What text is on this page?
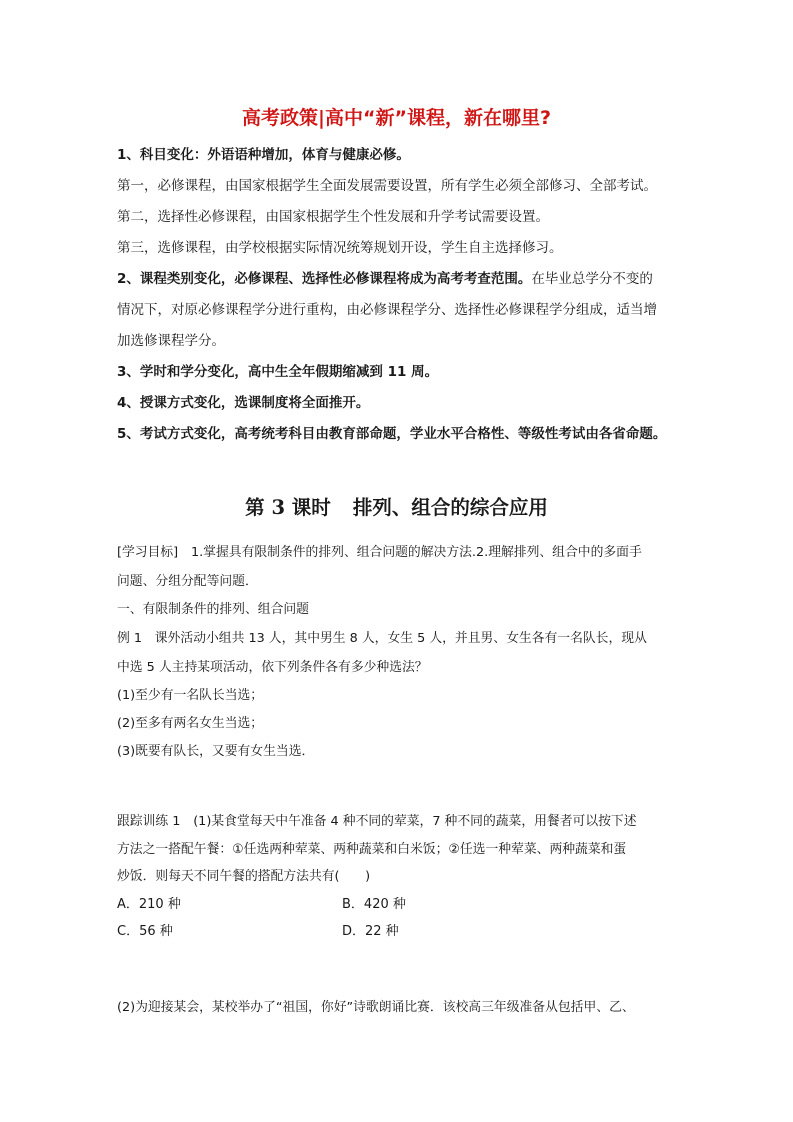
高考政策|高中“新”课程，新在哪里?
1、科目变化：外语语种增加，体育与健康必修。
第一，必修课程，由国家根据学生全面发展需要设置，所有学生必须全部修习、全部考试。
第二，选择性必修课程，由国家根据学生个性发展和升学考试需要设置。
第三，选修课程，由学校根据实际情况统筹规划开设，学生自主选择修习。
2、课程类别变化，必修课程、选择性必修课程将成为高考考查范围。在毕业总学分不变的
情况下，对原必修课程学分进行重构，由必修课程学分、选择性必修课程学分组成，适当增
加选修课程学分。
3、学时和学分变化，高中生全年假期缩减到 11 周。
4、授课方式变化，选课制度将全面推开。
5、考试方式变化，高考统考科目由教育部命题，学业水平合格性、等级性考试由各省命题。
第 3 课时 排列、组合的综合应用
[学习目标]　1.掌握具有限制条件的排列、组合问题的解决方法.2.理解排列、组合中的多面手
问题、分组分配等问题．
一、有限制条件的排列、组合问题
例 1　课外活动小组共 13 人，其中男生 8 人，女生 5 人，并且男、女生各有一名队长，现从
中选 5 人主持某项活动，依下列条件各有多少种选法？
(1)至少有一名队长当选；
(2)至多有两名女生当选；
(3)既要有队长，又要有女生当选．
跟踪训练 1　(1)某食堂每天中午准备 4 种不同的荤菜，7 种不同的蔬菜，用餐者可以按下述
方法之一搭配午餐：①任选两种荤菜、两种蔬菜和白米饭；②任选一种荤菜、两种蔬菜和蛋
炒饭．则每天不同午餐的搭配方法共有(　　)
A．210 种	B．420 种
C．56 种	D．22 种
(2)为迎接某会，某校举办了“祖国，你好”诗歌朗诵比赛．该校高三年级准备从包括甲、乙、
